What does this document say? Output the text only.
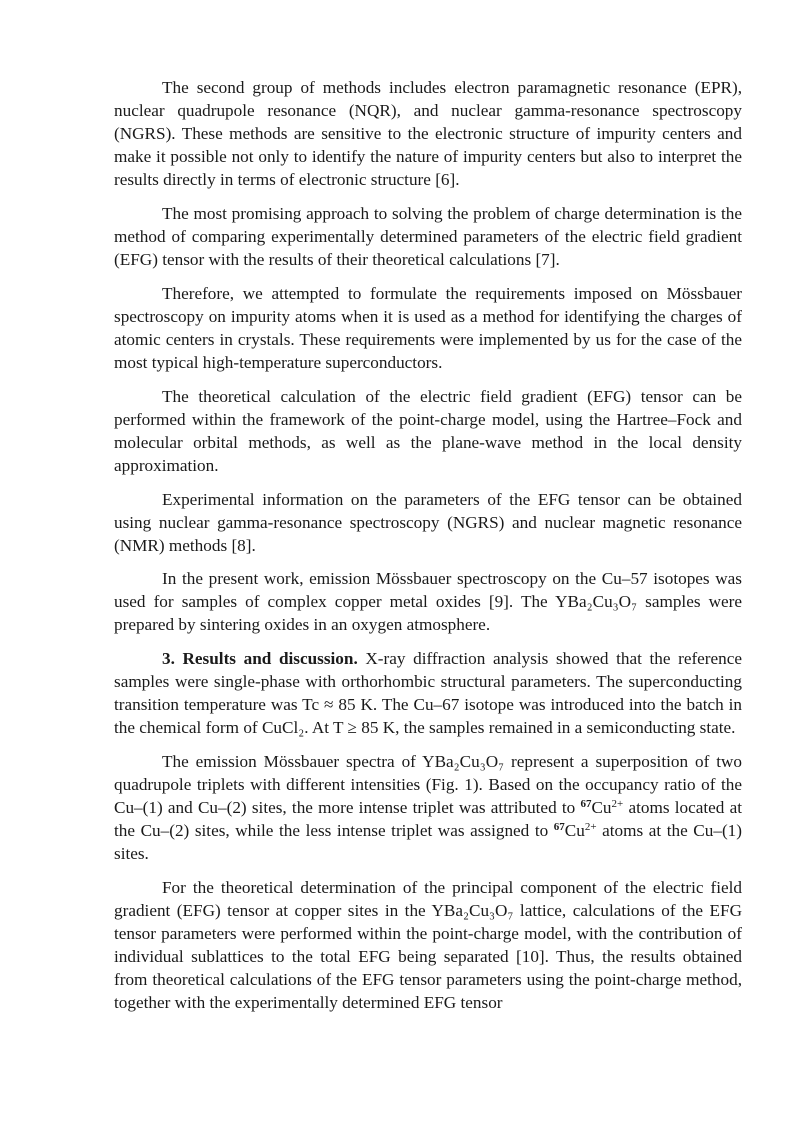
The second group of methods includes electron paramagnetic resonance (EPR), nuclear quadrupole resonance (NQR), and nuclear gamma-resonance spectroscopy (NGRS). These methods are sensitive to the electronic structure of impurity centers and make it possible not only to identify the nature of impurity centers but also to interpret the results directly in terms of electronic structure [6].

The most promising approach to solving the problem of charge determination is the method of comparing experimentally determined parameters of the electric field gradient (EFG) tensor with the results of their theoretical calculations [7].

Therefore, we attempted to formulate the requirements imposed on Mössbauer spectroscopy on impurity atoms when it is used as a method for identifying the charges of atomic centers in crystals. These requirements were implemented by us for the case of the most typical high-temperature superconductors.

The theoretical calculation of the electric field gradient (EFG) tensor can be performed within the framework of the point-charge model, using the Hartree–Fock and molecular orbital methods, as well as the plane-wave method in the local density approximation.

Experimental information on the parameters of the EFG tensor can be obtained using nuclear gamma-resonance spectroscopy (NGRS) and nuclear magnetic resonance (NMR) methods [8].

In the present work, emission Mössbauer spectroscopy on the Cu–57 isotopes was used for samples of complex copper metal oxides [9]. The YBa₂Cu₃O₇ samples were prepared by sintering oxides in an oxygen atmosphere.

3. Results and discussion. X-ray diffraction analysis showed that the reference samples were single-phase with orthorhombic structural parameters. The superconducting transition temperature was Tc ≈ 85 K. The Cu–67 isotope was introduced into the batch in the chemical form of CuCl₂. At T ≥ 85 K, the samples remained in a semiconducting state.

The emission Mössbauer spectra of YBa₂Cu₃O₇ represent a superposition of two quadrupole triplets with different intensities (Fig. 1). Based on the occupancy ratio of the Cu–(1) and Cu–(2) sites, the more intense triplet was attributed to $^{67}Cu^{2+}$ atoms located at the Cu–(2) sites, while the less intense triplet was assigned to $^{67}Cu^{2+}$ atoms at the Cu–(1) sites.

For the theoretical determination of the principal component of the electric field gradient (EFG) tensor at copper sites in the YBa₂Cu₃O₇ lattice, calculations of the EFG tensor parameters were performed within the point-charge model, with the contribution of individual sublattices to the total EFG being separated [10]. Thus, the results obtained from theoretical calculations of the EFG tensor parameters using the point-charge method, together with the experimentally determined EFG tensor
